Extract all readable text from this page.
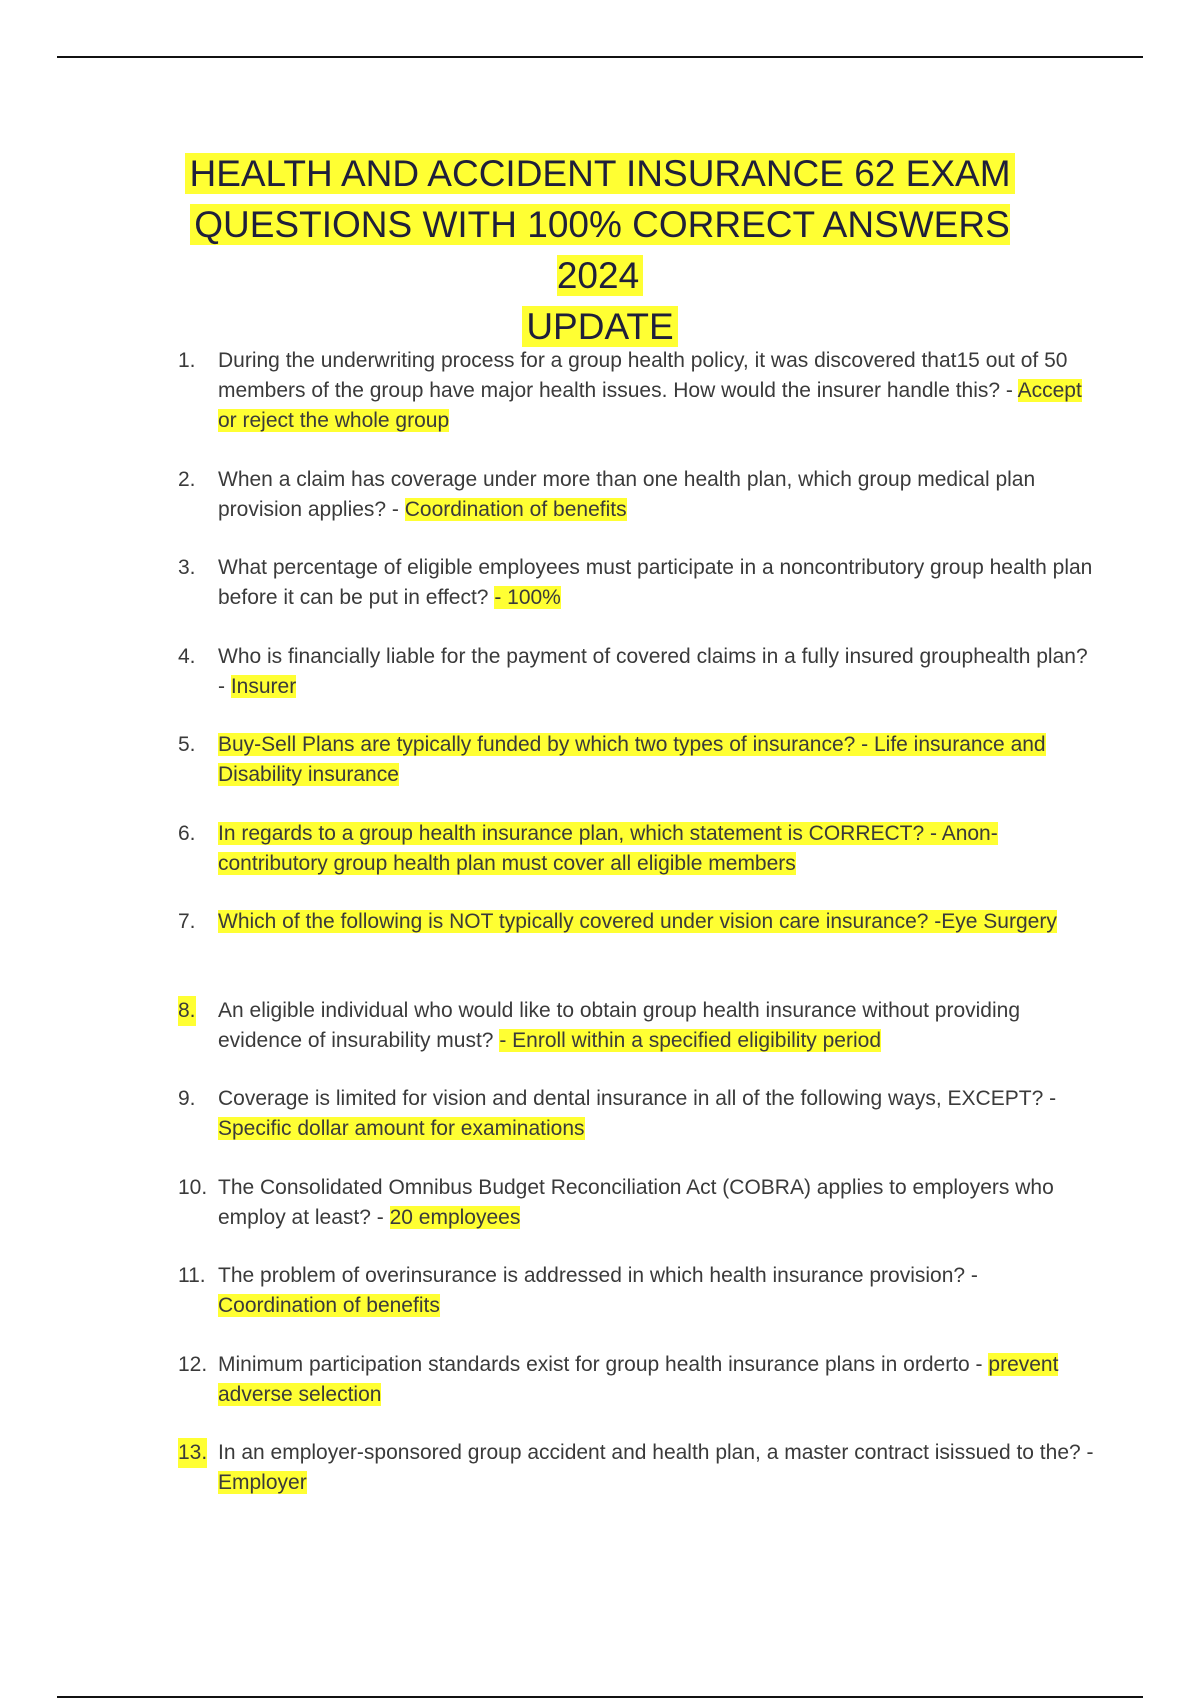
HEALTH AND ACCIDENT INSURANCE 62 EXAM
QUESTIONS WITH 100% CORRECT ANSWERS 2024
UPDATE
1. During the underwriting process for a group health policy, it was discovered that15 out of 50 members of the group have major health issues. How would the insurer handle this? - Accept or reject the whole group
2. When a claim has coverage under more than one health plan, which group medical plan provision applies? - Coordination of benefits
3. What percentage of eligible employees must participate in a noncontributory group health plan before it can be put in effect? - 100%
4. Who is financially liable for the payment of covered claims in a fully insured grouphealth plan? - Insurer
5. Buy-Sell Plans are typically funded by which two types of insurance? - Life insurance and Disability insurance
6. In regards to a group health insurance plan, which statement is CORRECT? - Anon-contributory group health plan must cover all eligible members
7. Which of the following is NOT typically covered under vision care insurance? -Eye Surgery
8. An eligible individual who would like to obtain group health insurance without providing evidence of insurability must? - Enroll within a specified eligibility period
9. Coverage is limited for vision and dental insurance in all of the following ways, EXCEPT? - Specific dollar amount for examinations
10. The Consolidated Omnibus Budget Reconciliation Act (COBRA) applies to employers who employ at least? - 20 employees
11. The problem of overinsurance is addressed in which health insurance provision? - Coordination of benefits
12. Minimum participation standards exist for group health insurance plans in orderto - prevent adverse selection
13. In an employer-sponsored group accident and health plan, a master contract isissued to the? - Employer
